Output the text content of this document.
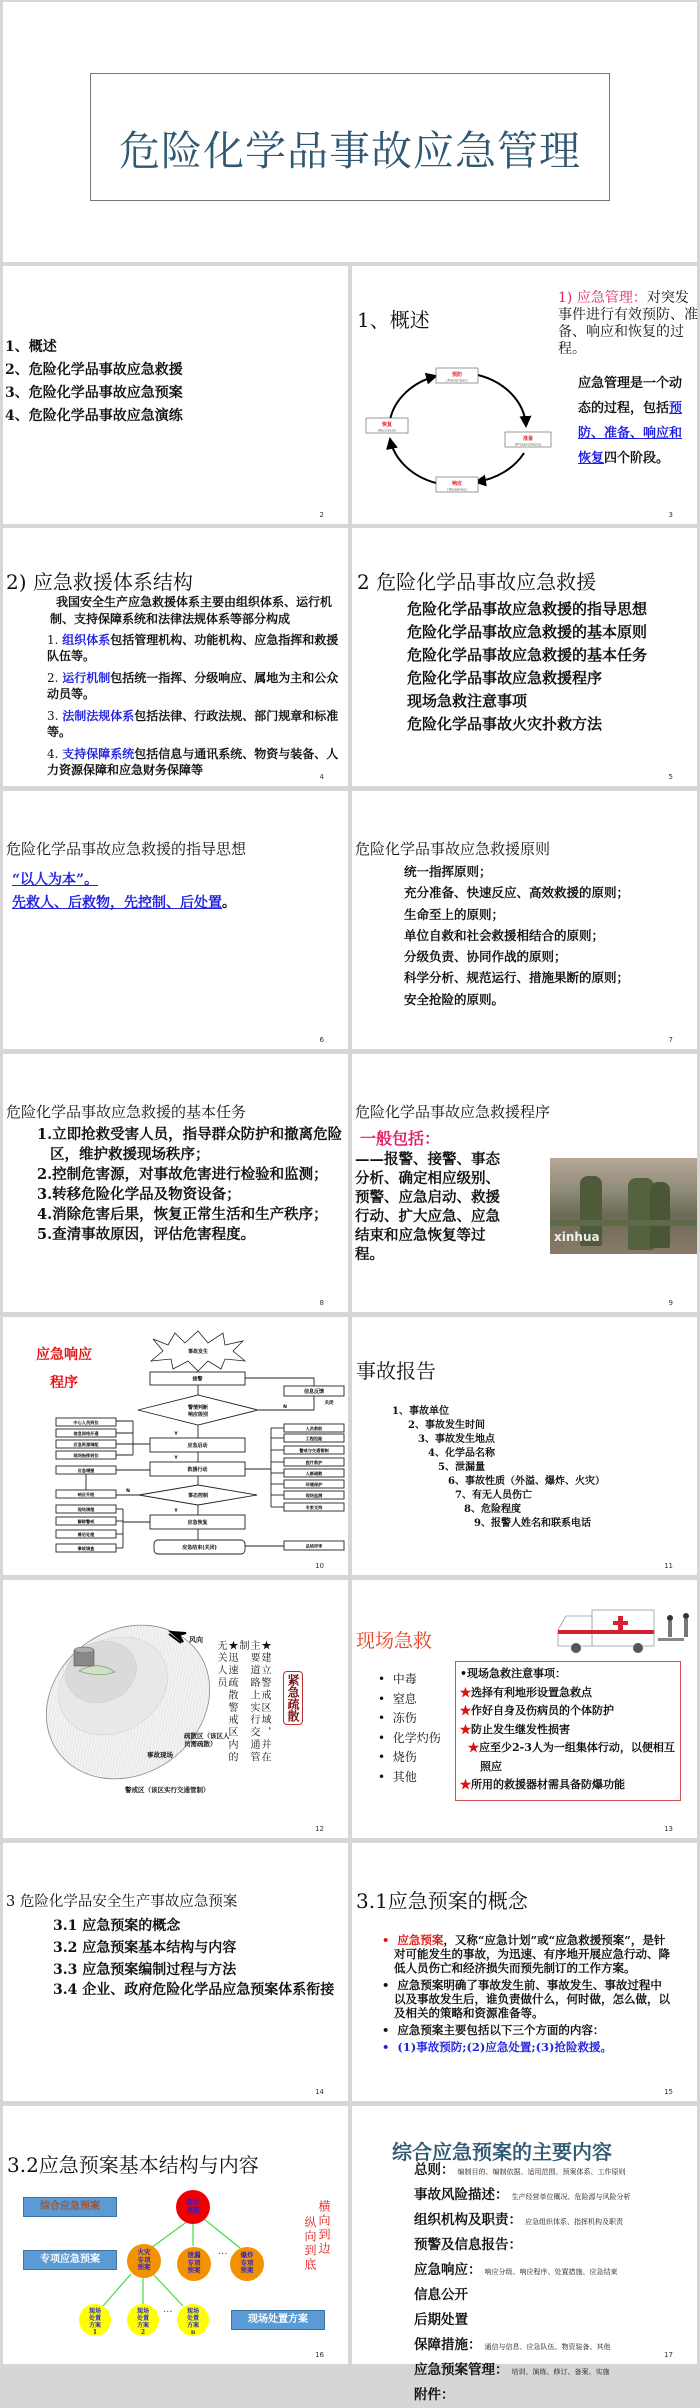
危险化学品事故应急管理
1、概述
2、危险化学品事故应急救援
3、危险化学品事故应急预案
4、危险化学品事故应急演练
2
1、概述
1) 应急管理：对突发事件进行有效预防、准备、响应和恢复的过程。
应急管理是一个动态的过程，包括预防、准备、响应和恢复四个阶段。
预防
(Prevention)
准备
(Preparedness)
响应
(Response)
恢复
(Recovery)
3
2) 应急救援体系结构
我国安全生产应急救援体系主要由组织体系、运行机制、支持保障系统和法律法规体系等部分构成
1. 组织体系包括管理机构、功能机构、应急指挥和救援队伍等。
2. 运行机制包括统一指挥、分级响应、属地为主和公众动员等。
3. 法制法规体系包括法律、行政法规、部门规章和标准等。
4. 支持保障系统包括信息与通讯系统、物资与装备、人力资源保障和应急财务保障等	4
2 危险化学品事故应急救援
危险化学品事故应急救援的指导思想
危险化学品事故应急救援的基本原则
危险化学品事故应急救援的基本任务
危险化学品事故应急救援程序
现场急救注意事项
危险化学品事故火灾扑救方法
5
危险化学品事故应急救援的指导思想
“以人为本”。
先救人、后救物，先控制、后处置。
6
危险化学品事故应急救援原则
统一指挥原则；
充分准备、快速反应、高效救援的原则；
生命至上的原则；
单位自救和社会救援相结合的原则；
分级负责、协同作战的原则；
科学分析、规范运行、措施果断的原则；
安全抢险的原则。
7
危险化学品事故应急救援的基本任务
1.立即抢救受害人员，指导群众防护和撤离危险区，维护救援现场秩序；
2.控制危害源，对事故危害进行检验和监测；
3.转移危险化学品及物资设备；
4.消除危害后果，恢复正常生活和生产秩序；
5.查清事故原因，评估危害程度。
8
危险化学品事故应急救援程序
一般包括：
——报警、接警、事态分析、确定相应级别、预警、应急启动、救援行动、扩大应急、应急结束和应急恢复等过程。
xinhua
9
应急响应
程序
事故发生
接警
信息反馈
警情判断
响应级别
应急启动
救援行动
事态控制
应急恢复
应急结束(关闭)
中心人员到位
信息网络开通
应急资源调配
现场指挥到位
应急增援
响应升级
现场清理
解除警戒
善后处理
事故调查
人员救助
工程抢险
警戒与交通管制
医疗救护
人群疏散
环境保护
现场监测
专家支持
总结评审
关闭
N
N
Y
Y
Y
10
事故报告
1、事故单位
2、事故发生时间
3、事故发生地点
4、化学品名称
5、泄漏量
6、事故性质（外溢、爆炸、火灾）
7、有无人员伤亡
8、危险程度
9、报警人姓名和联系电话
11
风向
★建立警戒区域，并在主要道路上实行交通管制
★迅速疏散警戒区内的无关人员
紧急疏散
疏散区（该区人员需疏散）
事故现场
警戒区（该区实行交通管制）
12
现场急救
•  中毒
•  窒息
•  冻伤
•  化学灼伤
•  烧伤
•  其他
•现场急救注意事项：
★选择有利地形设置急救点
★作好自身及伤病员的个体防护
★防止发生继发性损害
★应至少2-3人为一组集体行动，以便相互照应
★所用的救援器材需具备防爆功能
13
3 危险化学品安全生产事故应急预案
3.1 应急预案的概念
3.2 应急预案基本结构与内容
3.3 应急预案编制过程与方法
3.4 企业、政府危险化学品应急预案体系衔接
14
3.1应急预案的概念
•  应急预案，又称“应急计划”或“应急救援预案”，是针对可能发生的事故，为迅速、有序地开展应急行动、降低人员伤亡和经济损失而预先制订的工作方案。
•  应急预案明确了事故发生前、事故发生、事故过程中以及事故发生后，谁负责做什么，何时做，怎么做，以及相关的策略和资源准备等。
•  应急预案主要包括以下三个方面的内容：
•  (1)事故预防;(2)应急处置;(3)抢险救援。
15
3.2应急预案基本结构与内容
综合应急预案
专项应急预案
现场处置方案
综合预案
火灾专项预案
泄漏专项预案
爆炸专项预案
现场处置方案1
现场处置方案2
现场处置方案n
···
···
横向到边
纵向到底
16
综合应急预案的主要内容
总则： 编制目的、编制依据、适用范围、预案体系、工作原则
事故风险描述： 生产经营单位概况、危险源与风险分析
组织机构及职责： 应急组织体系、指挥机构及职责
预警及信息报告：
应急响应： 响应分级、响应程序、处置措施、应急结束
信息公开
后期处置
保障措施： 通信与信息、应急队伍、物资装备、其他
应急预案管理： 培训、演练、修订、备案、实施
附件：
17
